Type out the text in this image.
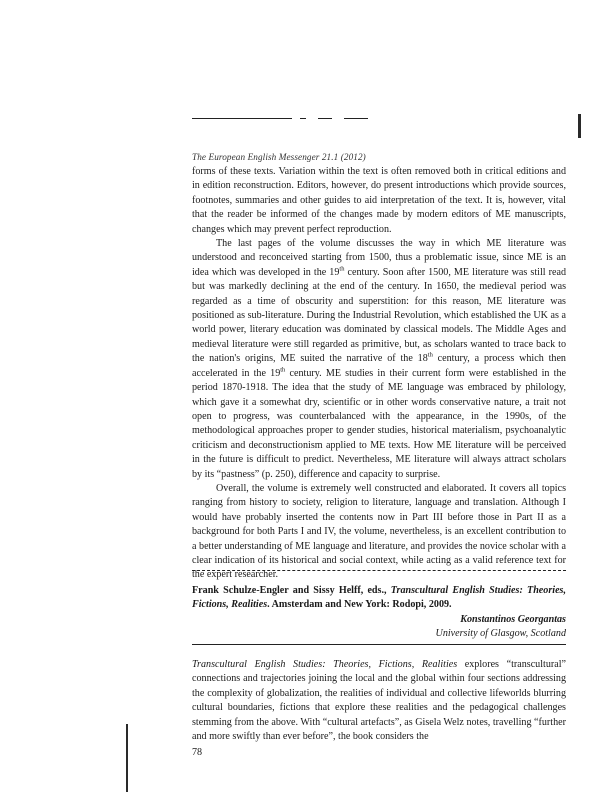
The European English Messenger 21.1 (2012)

forms of these texts. Variation within the text is often removed both in critical editions and in edition reconstruction. Editors, however, do present introductions which provide sources, footnotes, summaries and other guides to aid interpretation of the text. It is, however, vital that the reader be informed of the changes made by modern editors of ME manuscripts, changes which may prevent perfect reproduction.

The last pages of the volume discusses the way in which ME literature was understood and reconceived starting from 1500, thus a problematic issue, since ME is an idea which was developed in the 19th century. Soon after 1500, ME literature was still read but was markedly declining at the end of the century. In 1650, the medieval period was regarded as a time of obscurity and superstition: for this reason, ME literature was positioned as sub-literature. During the Industrial Revolution, which established the UK as a world power, literary education was dominated by classical models. The Middle Ages and medieval literature were still regarded as primitive, but, as scholars wanted to trace back to the nation's origins, ME suited the narrative of the 18th century, a process which then accelerated in the 19th century. ME studies in their current form were established in the period 1870-1918. The idea that the study of ME language was embraced by philology, which gave it a somewhat dry, scientific or in other words conservative nature, a trait not open to progress, was counterbalanced with the appearance, in the 1990s, of the methodological approaches proper to gender studies, historical materialism, psychoanalytic criticism and deconstructionism applied to ME texts. How ME literature will be perceived in the future is difficult to predict. Nevertheless, ME literature will always attract scholars by its “pastness” (p. 250), difference and capacity to surprise.

Overall, the volume is extremely well constructed and elaborated. It covers all topics ranging from history to society, religion to literature, language and translation. Although I would have probably inserted the contents now in Part III before those in Part II as a background for both Parts I and IV, the volume, nevertheless, is an excellent contribution to a better understanding of ME language and literature, and provides the novice scholar with a clear indication of its historical and social context, while acting as a valid reference text for the expert researcher.

Frank Schulze-Engler and Sissy Helff, eds., Transcultural English Studies: Theories, Fictions, Realities. Amsterdam and New York: Rodopi, 2009.
Konstantinos Georgantas
University of Glasgow, Scotland

Transcultural English Studies: Theories, Fictions, Realities explores “transcultural” connections and trajectories joining the local and the global within four sections addressing the complexity of globalization, the realities of individual and collective lifeworlds blurring cultural boundaries, fictions that explore these realities and the pedagogical challenges stemming from the above. With “cultural artefacts”, as Gisela Welz notes, travelling “further and more swiftly than ever before”, the book considers the

78
